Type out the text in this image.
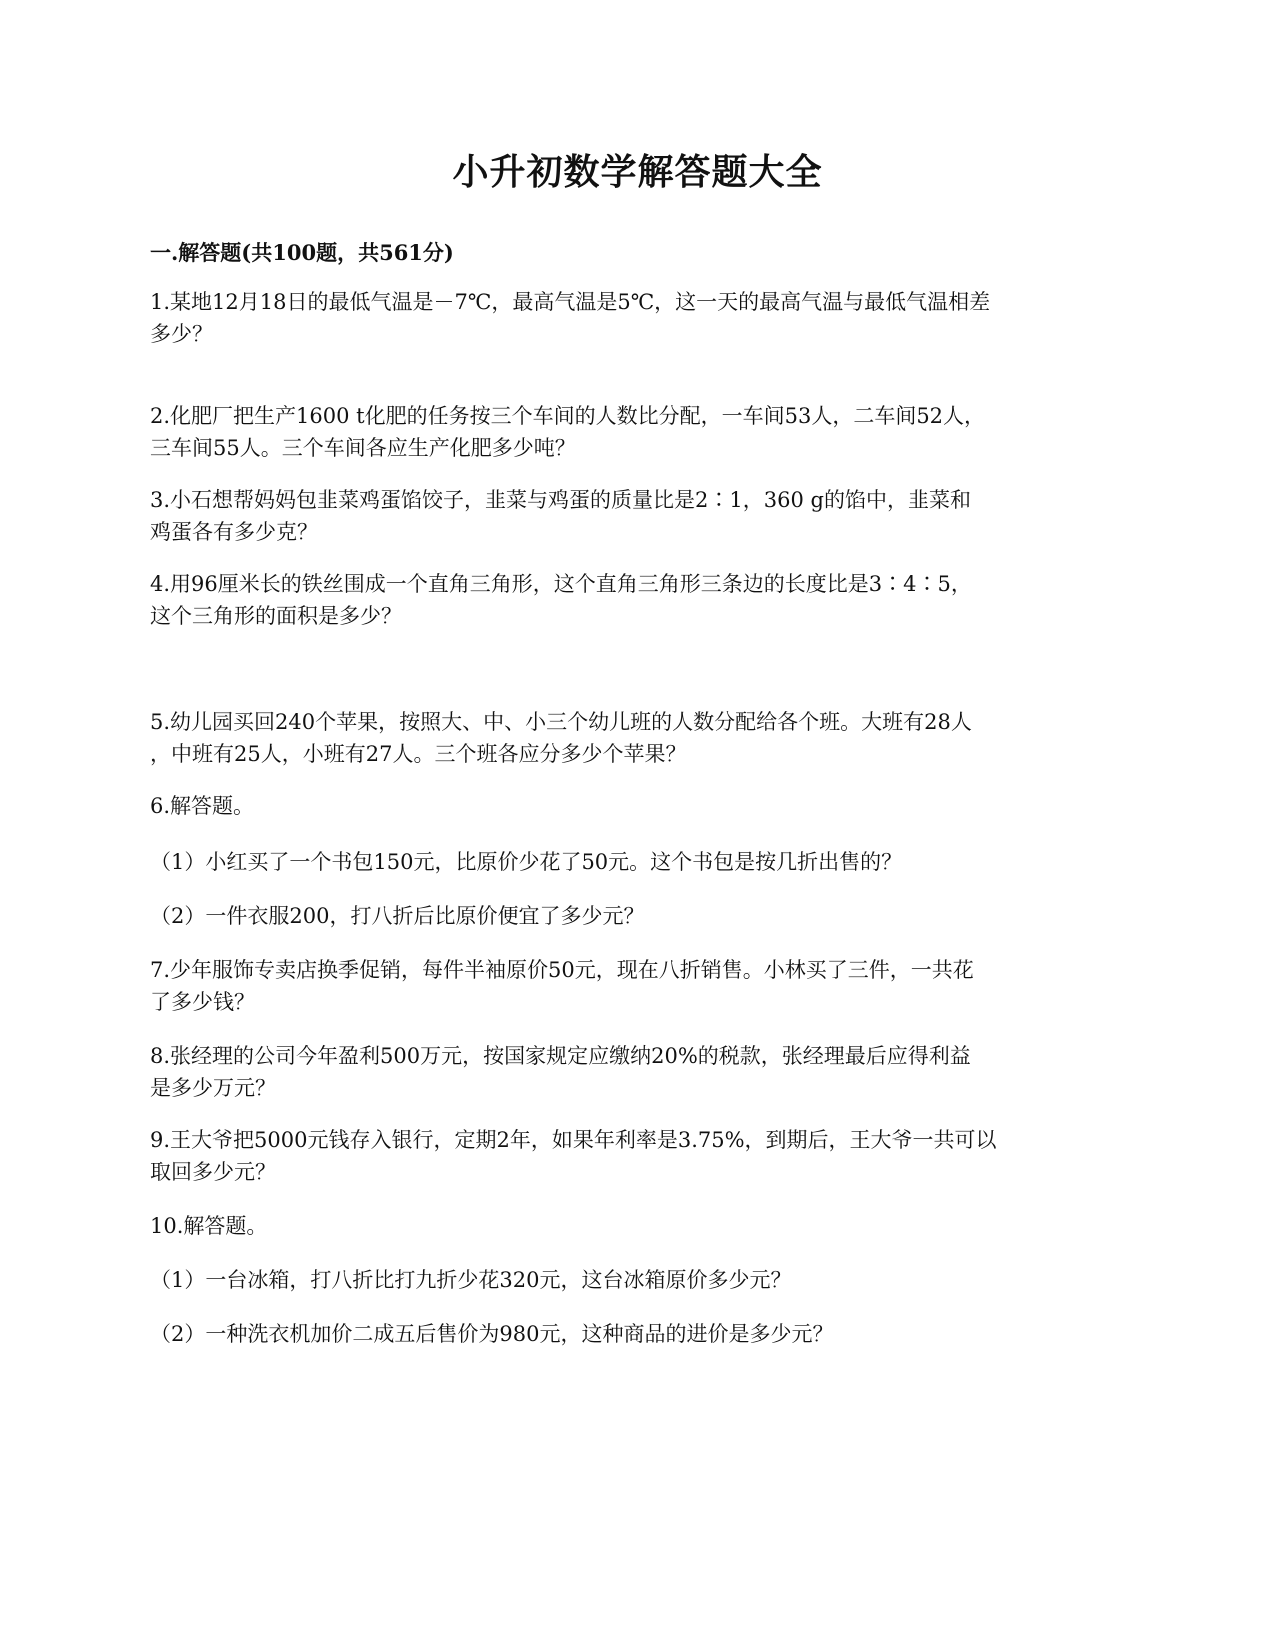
小升初数学解答题大全
一.解答题(共100题，共561分)
1.某地12月18日的最低气温是－7℃，最高气温是5℃，这一天的最高气温与最低气温相差
多少？
2.化肥厂把生产1600 t化肥的任务按三个车间的人数比分配，一车间53人，二车间52人，
三车间55人。三个车间各应生产化肥多少吨？
3.小石想帮妈妈包韭菜鸡蛋馅饺子，韭菜与鸡蛋的质量比是2∶1，360 g的馅中，韭菜和
鸡蛋各有多少克？
4.用96厘米长的铁丝围成一个直角三角形，这个直角三角形三条边的长度比是3∶4∶5，
这个三角形的面积是多少？
5.幼儿园买回240个苹果，按照大、中、小三个幼儿班的人数分配给各个班。大班有28人
，中班有25人，小班有27人。三个班各应分多少个苹果？
6.解答题。
（1）小红买了一个书包150元，比原价少花了50元。这个书包是按几折出售的？
（2）一件衣服200，打八折后比原价便宜了多少元？
7.少年服饰专卖店换季促销，每件半袖原价50元，现在八折销售。小林买了三件，一共花
了多少钱？
8.张经理的公司今年盈利500万元，按国家规定应缴纳20%的税款，张经理最后应得利益
是多少万元？
9.王大爷把5000元钱存入银行，定期2年，如果年利率是3.75%，到期后，王大爷一共可以
取回多少元？
10.解答题。
（1）一台冰箱，打八折比打九折少花320元，这台冰箱原价多少元？
（2）一种洗衣机加价二成五后售价为980元，这种商品的进价是多少元？
